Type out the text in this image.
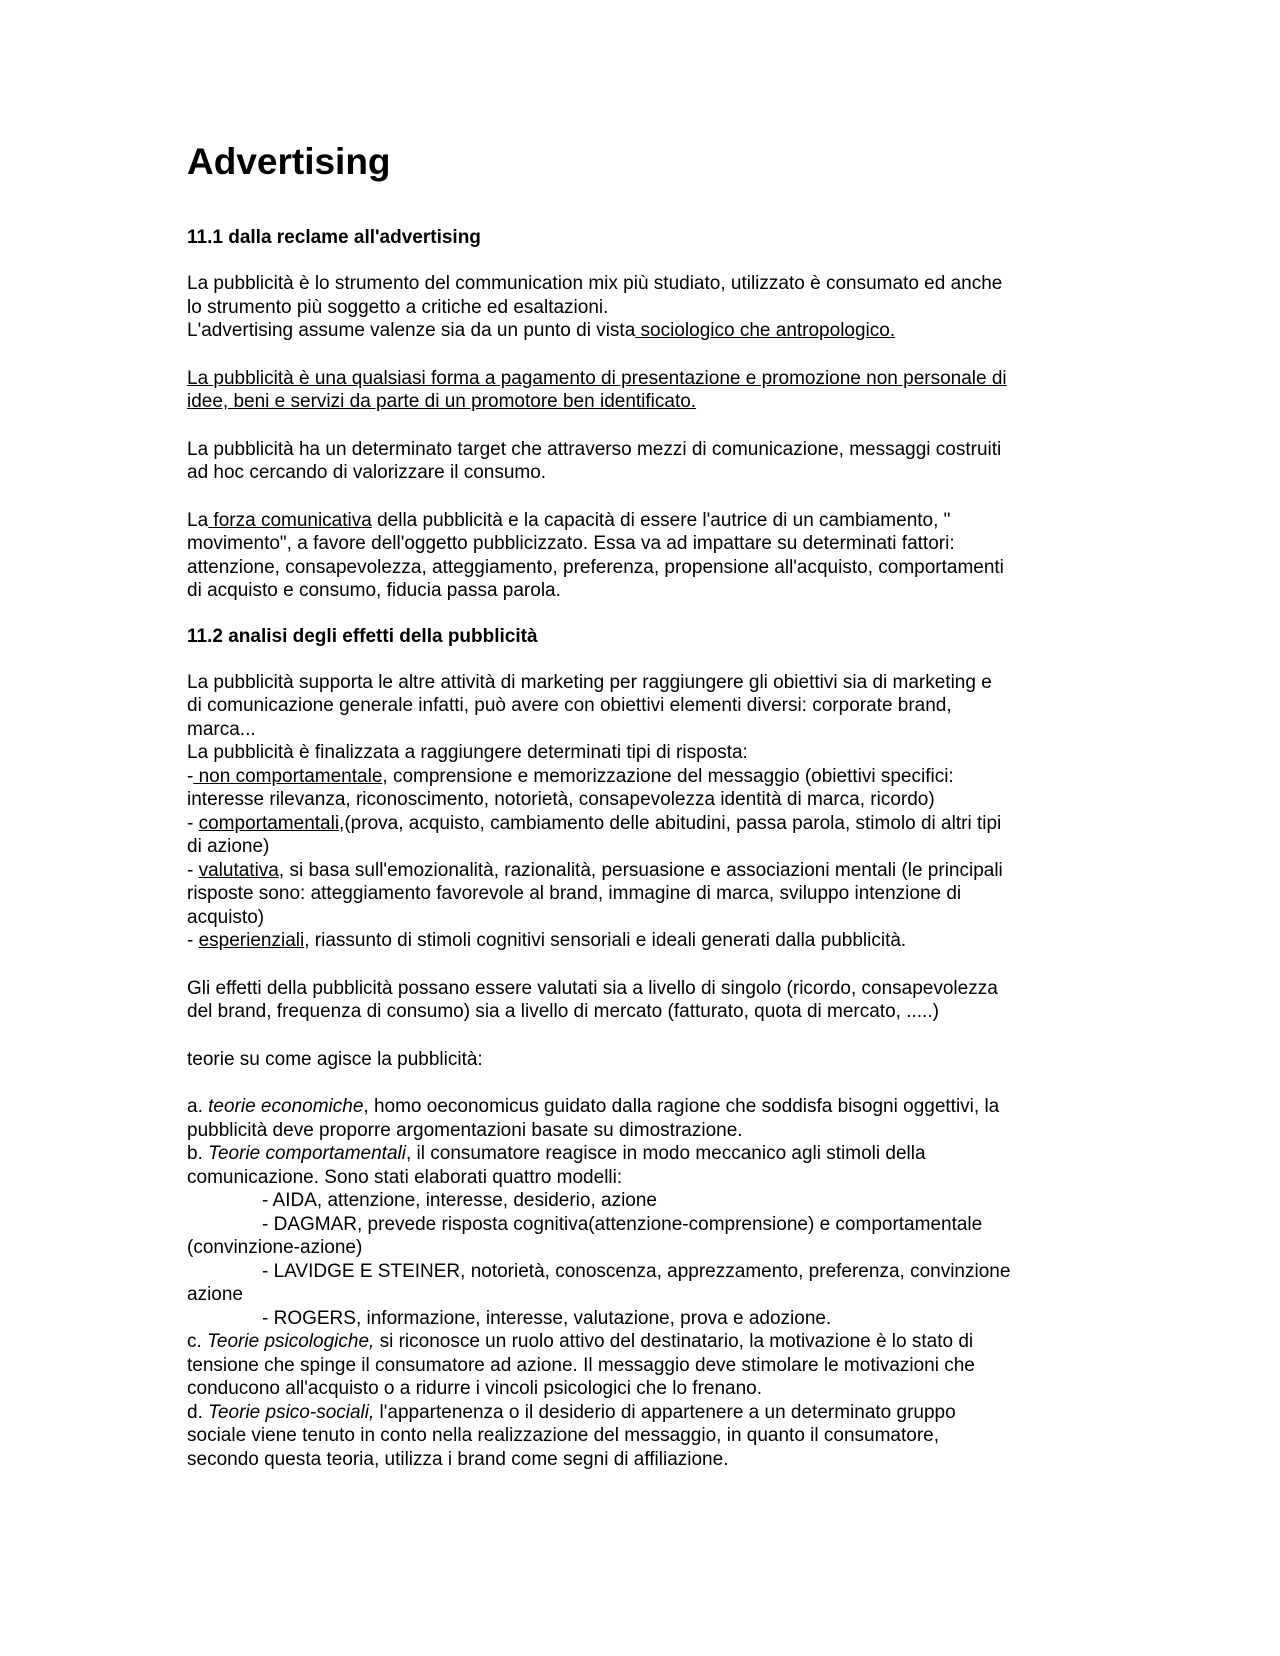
Advertising
11.1 dalla reclame all'advertising

La pubblicità è lo strumento del communication mix più studiato, utilizzato è consumato ed anche

lo strumento più soggetto a critiche ed esaltazioni.

L'advertising assume valenze sia da un punto di vista sociologico che antropologico.

La pubblicità è una qualsiasi forma a pagamento di presentazione e promozione non personale di

idee, beni e servizi da parte di un promotore ben identificato.

La pubblicità ha un determinato target che attraverso mezzi di comunicazione, messaggi costruiti

ad hoc cercando di valorizzare il consumo.

La forza comunicativa della pubblicità e la capacità di essere l'autrice di un cambiamento, "

movimento", a favore dell'oggetto pubblicizzato. Essa va ad impattare su determinati fattori:

attenzione, consapevolezza, atteggiamento, preferenza, propensione all'acquisto, comportamenti

di acquisto e consumo, fiducia passa parola.

11.2 analisi degli effetti della pubblicità

La pubblicità supporta le altre attività di marketing per raggiungere gli obiettivi sia di marketing e

di comunicazione generale infatti, può avere con obiettivi elementi diversi: corporate brand,

marca...

La pubblicità è finalizzata a raggiungere determinati tipi di risposta:

- non comportamentale, comprensione e memorizzazione del messaggio (obiettivi specifici:

interesse rilevanza, riconoscimento, notorietà, consapevolezza identità di marca, ricordo)

- comportamentali,(prova, acquisto, cambiamento delle abitudini, passa parola, stimolo di altri tipi

di azione)

- valutativa, si basa sull'emozionalità, razionalità, persuasione e associazioni mentali (le principali

risposte sono: atteggiamento favorevole al brand, immagine di marca, sviluppo intenzione di

acquisto)

- esperienziali, riassunto di stimoli cognitivi sensoriali e ideali generati dalla pubblicità.

Gli effetti della pubblicità possano essere valutati sia a livello di singolo (ricordo, consapevolezza

del brand, frequenza di consumo) sia a livello di mercato (fatturato, quota di mercato, .....)

teorie su come agisce la pubblicità:

a. teorie economiche, homo oeconomicus guidato dalla ragione che soddisfa bisogni oggettivi, la

pubblicità deve proporre argomentazioni basate su dimostrazione.

b. Teorie comportamentali, il consumatore reagisce in modo meccanico agli stimoli della

comunicazione. Sono stati elaborati quattro modelli:

- AIDA, attenzione, interesse, desiderio, azione

- DAGMAR, prevede risposta cognitiva(attenzione-comprensione) e comportamentale

(convinzione-azione)

- LAVIDGE E STEINER, notorietà, conoscenza, apprezzamento, preferenza, convinzione

azione

- ROGERS, informazione, interesse, valutazione, prova e adozione.

c. Teorie psicologiche, si riconosce un ruolo attivo del destinatario, la motivazione è lo stato di

tensione che spinge il consumatore ad azione. Il messaggio deve stimolare le motivazioni che

conducono all'acquisto o a ridurre i vincoli psicologici che lo frenano.

d. Teorie psico-sociali, l'appartenenza o il desiderio di appartenere a un determinato gruppo

sociale viene tenuto in conto nella realizzazione del messaggio, in quanto il consumatore,

secondo questa teoria, utilizza i brand come segni di affiliazione.
